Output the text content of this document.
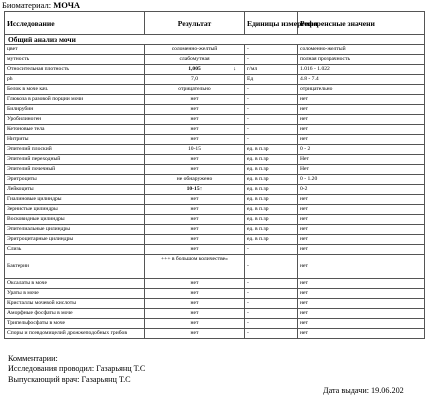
Биоматериал: МОЧА
Исследование	Результат	Единицы измерения	Референсные значени
Общий анализ мочи			
цвет	соломенно-желтый	-	соломенно-желтый
мутность	слабомутная	-	полная прозрачность
Относительная плотность	1,005 ↓	г/мл	1.016 - 1.022
ph	7,0	Ед	4.8 - 7.4
Белок в моче кач.	отрицательно	-	отрицательно
Глюкоза в разовой порции мочи	нет	-	нет
Билирубин	нет	-	нет
Уробилиноген	нет	-	нет
Кетоновые тела	нет	-	нет
Нитриты	нет	-	нет
Эпителий плоский	10-15	ед. в п.зр	0 - 2
Эпителий переходный	нет	ед. в п.зр	Нет
Эпителий почечный	нет	ед. в п.зр	Нет
Эритроциты	не обнаружено	ед. в п.зр	0 - 1.20
Лейкоциты	10-15↑	ед. в п.зр	0-2
Гиалиновые цилиндры	нет	ед. в п.зр	нет
Зернистые цилиндры	нет	ед. в п.зр	нет
Восковидные цилиндры	нет	ед. в п.зр	нет
Эпителиальные цилиндры	нет	ед. в п.зр	нет
Эритроцитарные цилиндры	нет	ед. в п.зр	нет
Слизь	нет	-	нет
Бактерии	+++ в большом количестве»	-	нет
Оксалаты в моче	нет	-	нет
Ураты в моче	нет	-	нет
Кристаллы мочевой кислоты	нет	-	нет
Аморфные фосфаты в моче	нет	-	нет
Трипельфосфаты в моче	нет	-	нет
Споры и псевдомицелий дрожжеподобных грибов	нет	-	нет
Комментарии:
Исследования проводил: Газарьянц Т.С
Выпускающий врач: Газарьянц Т.С
Дата выдачи: 19.06.202
